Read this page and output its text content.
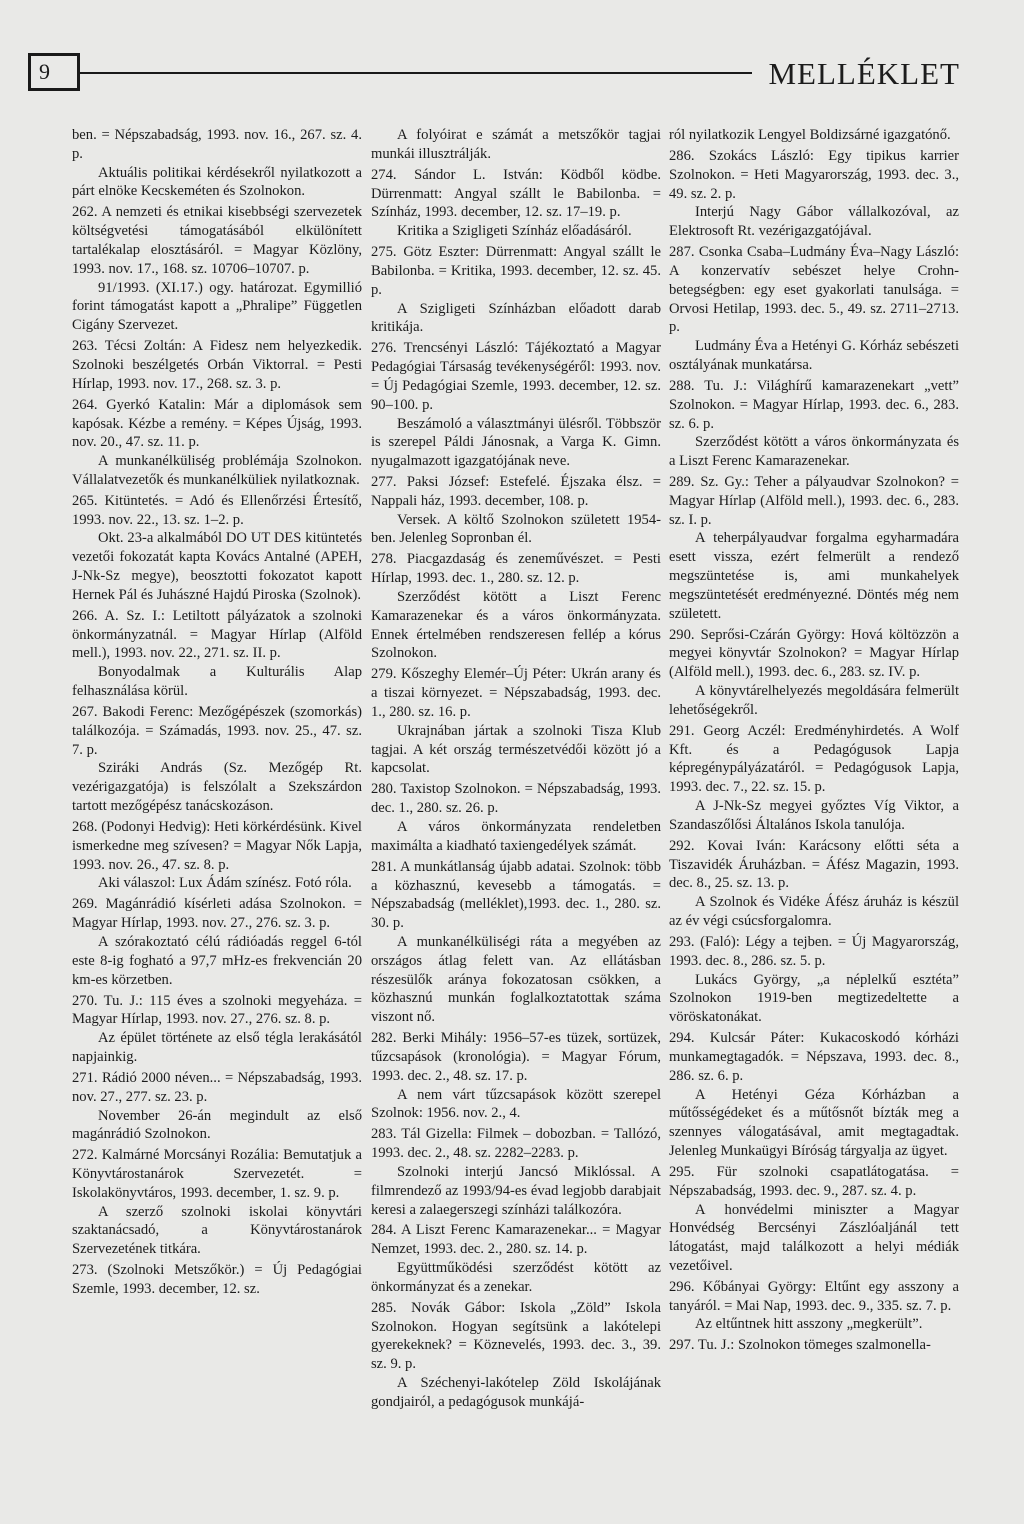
9	MELLÉKLET

ben. = Népszabadság, 1993. nov. 16., 267. sz. 4. p.

Aktuális politikai kérdésekről nyilatkozott a párt elnöke Kecskeméten és Szolnokon.

262. A nemzeti és etnikai kisebbségi szervezetek költségvetési támogatásából elkülönített tartalékalap elosztásáról. = Magyar Közlöny, 1993. nov. 17., 168. sz. 10706–10707. p.

91/1993. (XI.17.) ogy. határozat. Egymillió forint támogatást kapott a „Phralipe” Független Cigány Szervezet.

263. Técsi Zoltán: A Fidesz nem helyezkedik. Szolnoki beszélgetés Orbán Viktorral. = Pesti Hírlap, 1993. nov. 17., 268. sz. 3. p.

264. Gyerkó Katalin: Már a diplomások sem kapósak. Kézbe a remény. = Képes Újság, 1993. nov. 20., 47. sz. 11. p.

A munkanélküliség problémája Szolnokon. Vállalatvezetők és munkanélküliek nyilatkoznak.

265. Kitüntetés. = Adó és Ellenőrzési Értesítő, 1993. nov. 22., 13. sz. 1–2. p.

Okt. 23-a alkalmából DO UT DES kitüntetés vezetői fokozatát kapta Kovács Antalné (APEH, J-Nk-Sz megye), beosztotti fokozatot kapott Hernek Pál és Juhászné Hajdú Piroska (Szolnok).

266. A. Sz. I.: Letiltott pályázatok a szolnoki önkormányzatnál. = Magyar Hírlap (Alföld mell.), 1993. nov. 22., 271. sz. II. p.

Bonyodalmak a Kulturális Alap felhasználása körül.

267. Bakodi Ferenc: Mezőgépészek (szomorkás) találkozója. = Számadás, 1993. nov. 25., 47. sz. 7. p.

Sziráki András (Sz. Mezőgép Rt. vezérigazgatója) is felszólalt a Szekszárdon tartott mezőgépész tanácskozáson.

268. (Podonyi Hedvig): Heti körkérdésünk. Kivel ismerkedne meg szívesen? = Magyar Nők Lapja, 1993. nov. 26., 47. sz. 8. p.

Aki válaszol: Lux Ádám színész. Fotó róla.

269. Magánrádió kísérleti adása Szolnokon. = Magyar Hírlap, 1993. nov. 27., 276. sz. 3. p.

A szórakoztató célú rádióadás reggel 6-tól este 8-ig fogható a 97,7 mHz-es frekvencián 20 km-es körzetben.

270. Tu. J.: 115 éves a szolnoki megyeháza. = Magyar Hírlap, 1993. nov. 27., 276. sz. 8. p.

Az épület története az első tégla lerakásától napjainkig.

271. Rádió 2000 néven... = Népszabadság, 1993. nov. 27., 277. sz. 23. p.

November 26-án megindult az első magánrádió Szolnokon.

272. Kalmárné Morcsányi Rozália: Bemutatjuk a Könyvtárostanárok Szervezetét. = Iskolakönyvtáros, 1993. december, 1. sz. 9. p.

A szerző szolnoki iskolai könyvtári szaktanácsadó, a Könyvtárostanárok Szervezetének titkára.

273. (Szolnoki Metszőkör.) = Új Pedagógiai Szemle, 1993. december, 12. sz.

A folyóirat e számát a metszőkör tagjai munkái illusztrálják.

274. Sándor L. István: Ködből ködbe. Dürrenmatt: Angyal szállt le Babilonba. = Színház, 1993. december, 12. sz. 17–19. p.

Kritika a Szigligeti Színház előadásáról.

275. Götz Eszter: Dürrenmatt: Angyal szállt le Babilonba. = Kritika, 1993. december, 12. sz. 45. p.

A Szigligeti Színházban előadott darab kritikája.

276. Trencsényi László: Tájékoztató a Magyar Pedagógiai Társaság tevékenységéről: 1993. nov. = Új Pedagógiai Szemle, 1993. december, 12. sz. 90–100. p.

Beszámoló a választmányi ülésről. Többször is szerepel Páldi Jánosnak, a Varga K. Gimn. nyugalmazott igazgatójának neve.

277. Paksi József: Estefelé. Éjszaka élsz. = Nappali ház, 1993. december, 108. p.

Versek. A költő Szolnokon született 1954-ben. Jelenleg Sopronban él.

278. Piacgazdaság és zeneművészet. = Pesti Hírlap, 1993. dec. 1., 280. sz. 12. p.

Szerződést kötött a Liszt Ferenc Kamarazenekar és a város önkormányzata. Ennek értelmében rendszeresen fellép a kórus Szolnokon.

279. Kőszeghy Elemér–Új Péter: Ukrán arany és a tiszai környezet. = Népszabadság, 1993. dec. 1., 280. sz. 16. p.

Ukrajnában jártak a szolnoki Tisza Klub tagjai. A két ország természetvédői között jó a kapcsolat.

280. Taxistop Szolnokon. = Népszabadság, 1993. dec. 1., 280. sz. 26. p.

A város önkormányzata rendeletben maximálta a kiadható taxiengedélyek számát.

281. A munkátlanság újabb adatai. Szolnok: több a közhasznú, kevesebb a támogatás. = Népszabadság (melléklet),1993. dec. 1., 280. sz. 30. p.

A munkanélküliségi ráta a megyében az országos átlag felett van. Az ellátásban részesülők aránya fokozatosan csökken, a közhasznú munkán foglalkoztatottak száma viszont nő.

282. Berki Mihály: 1956–57-es tüzek, sortüzek, tűzcsapások (kronológia). = Magyar Fórum, 1993. dec. 2., 48. sz. 17. p.

A nem várt tűzcsapások között szerepel Szolnok: 1956. nov. 2., 4.

283. Tál Gizella: Filmek – dobozban. = Tallózó, 1993. dec. 2., 48. sz. 2282–2283. p.

Szolnoki interjú Jancsó Miklóssal. A filmrendező az 1993/94-es évad legjobb darabjait keresi a zalaegerszegi színházi találkozóra.

284. A Liszt Ferenc Kamarazenekar... = Magyar Nemzet, 1993. dec. 2., 280. sz. 14. p.

Együttműködési szerződést kötött az önkormányzat és a zenekar.

285. Novák Gábor: Iskola „Zöld” Iskola Szolnokon. Hogyan segítsünk a lakótelepi gyerekeknek? = Köznevelés, 1993. dec. 3., 39. sz. 9. p.

A Széchenyi-lakótelep Zöld Iskolájának gondjairól, a pedagógusok munkájá-

ról nyilatkozik Lengyel Boldizsárné igazgatónő.

286. Szokács László: Egy tipikus karrier Szolnokon. = Heti Magyarország, 1993. dec. 3., 49. sz. 2. p.

Interjú Nagy Gábor vállalkozóval, az Elektrosoft Rt. vezérigazgatójával.

287. Csonka Csaba–Ludmány Éva–Nagy László: A konzervatív sebészet helye Crohn-betegségben: egy eset gyakorlati tanulsága. = Orvosi Hetilap, 1993. dec. 5., 49. sz. 2711–2713. p.

Ludmány Éva a Hetényi G. Kórház sebészeti osztályának munkatársa.

288. Tu. J.: Világhírű kamarazenekart „vett” Szolnokon. = Magyar Hírlap, 1993. dec. 6., 283. sz. 6. p.

Szerződést kötött a város önkormányzata és a Liszt Ferenc Kamarazenekar.

289. Sz. Gy.: Teher a pályaudvar Szolnokon? = Magyar Hírlap (Alföld mell.), 1993. dec. 6., 283. sz. I. p.

A teherpályaudvar forgalma egyharmadára esett vissza, ezért felmerült a rendező megszüntetése is, ami munkahelyek megszüntetését eredményezné. Döntés még nem született.

290. Seprősi-Czárán György: Hová költözzön a megyei könyvtár Szolnokon? = Magyar Hírlap (Alföld mell.), 1993. dec. 6., 283. sz. IV. p.

A könyvtárelhelyezés megoldására felmerült lehetőségekről.

291. Georg Aczél: Eredményhirdetés. A Wolf Kft. és a Pedagógusok Lapja képregénypályázatáról. = Pedagógusok Lapja, 1993. dec. 7., 22. sz. 15. p.

A J-Nk-Sz megyei győztes Víg Viktor, a Szandaszőlősi Általános Iskola tanulója.

292. Kovai Iván: Karácsony előtti séta a Tiszavidék Áruházban. = Áfész Magazin, 1993. dec. 8., 25. sz. 13. p.

A Szolnok és Vidéke Áfész áruház is készül az év végi csúcsforgalomra.

293. (Faló): Légy a tejben. = Új Magyarország, 1993. dec. 8., 286. sz. 5. p.

Lukács György, „a néplelkű esztéta” Szolnokon 1919-ben megtizedeltette a vöröskatonákat.

294. Kulcsár Páter: Kukacoskodó kórházi munkamegtagadók. = Népszava, 1993. dec. 8., 286. sz. 6. p.

A Hetényi Géza Kórházban a műtősségédeket és a műtősnőt bízták meg a szennyes válogatásával, amit megtagadtak. Jelenleg Munkaügyi Bíróság tárgyalja az ügyet.

295. Für szolnoki csapatlátogatása. = Népszabadság, 1993. dec. 9., 287. sz. 4. p.

A honvédelmi miniszter a Magyar Honvédség Bercsényi Zászlóaljánál tett látogatást, majd találkozott a helyi médiák vezetőivel.

296. Kőbányai György: Eltűnt egy asszony a tanyáról. = Mai Nap, 1993. dec. 9., 335. sz. 7. p.

Az eltűntnek hitt asszony „megkerült”.

297. Tu. J.: Szolnokon tömeges szalmonella-
